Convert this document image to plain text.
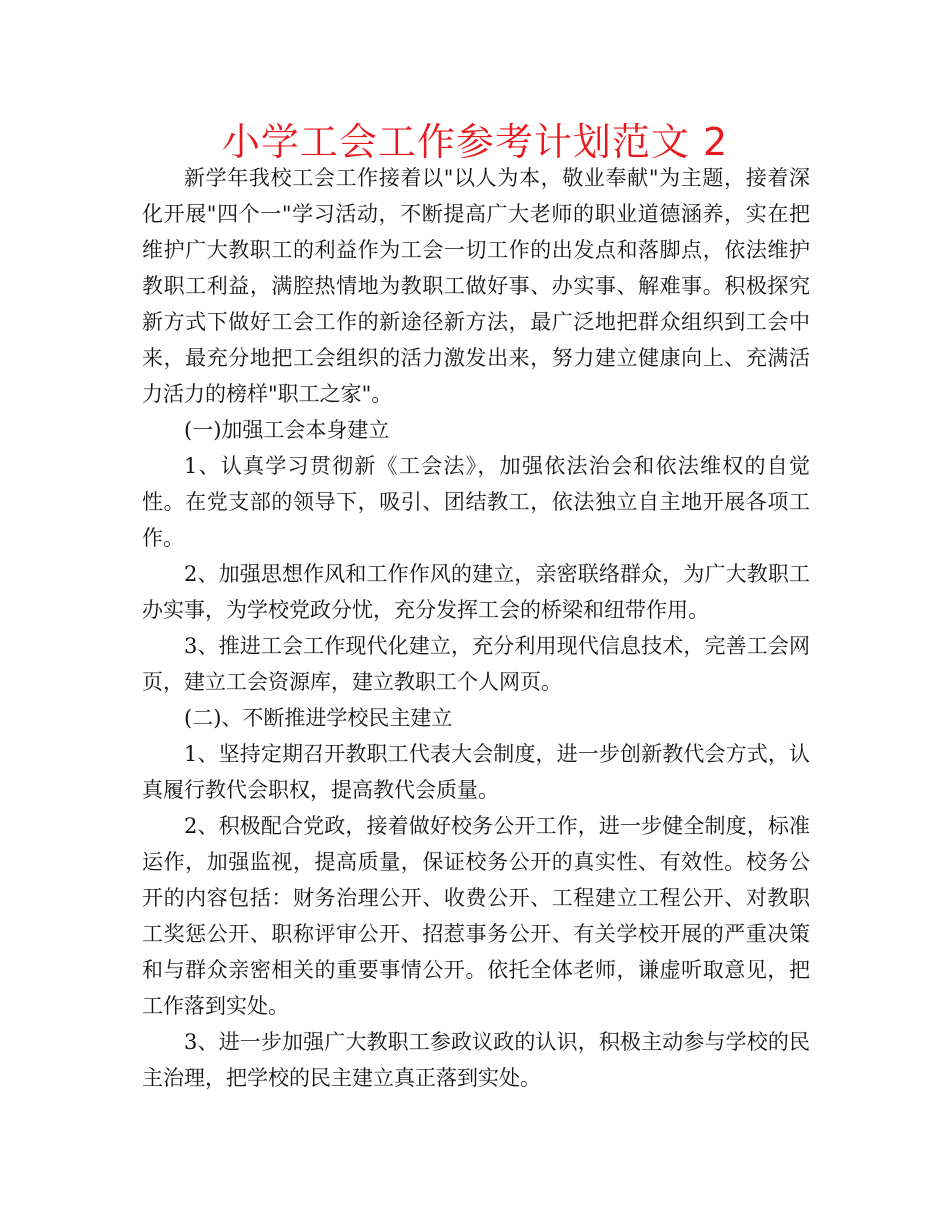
小学工会工作参考计划范文 2

新学年我校工会工作接着以"以人为本，敬业奉献"为主题，接着深化开展"四个一"学习活动，不断提高广大老师的职业道德涵养，实在把维护广大教职工的利益作为工会一切工作的出发点和落脚点，依法维护教职工利益，满腔热情地为教职工做好事、办实事、解难事。积极探究新方式下做好工会工作的新途径新方法，最广泛地把群众组织到工会中来，最充分地把工会组织的活力激发出来，努力建立健康向上、充满活力活力的榜样"职工之家"。

(一)加强工会本身建立

1、认真学习贯彻新《工会法》，加强依法治会和依法维权的自觉性。在党支部的领导下，吸引、团结教工，依法独立自主地开展各项工作。

2、加强思想作风和工作作风的建立，亲密联络群众，为广大教职工办实事，为学校党政分忧，充分发挥工会的桥梁和纽带作用。

3、推进工会工作现代化建立，充分利用现代信息技术，完善工会网页，建立工会资源库，建立教职工个人网页。

(二)、不断推进学校民主建立

1、坚持定期召开教职工代表大会制度，进一步创新教代会方式，认真履行教代会职权，提高教代会质量。

2、积极配合党政，接着做好校务公开工作，进一步健全制度，标准运作，加强监视，提高质量，保证校务公开的真实性、有效性。校务公开的内容包括：财务治理公开、收费公开、工程建立工程公开、对教职工奖惩公开、职称评审公开、招惹事务公开、有关学校开展的严重决策和与群众亲密相关的重要事情公开。依托全体老师，谦虚听取意见，把工作落到实处。

3、进一步加强广大教职工参政议政的认识，积极主动参与学校的民主治理，把学校的民主建立真正落到实处。
